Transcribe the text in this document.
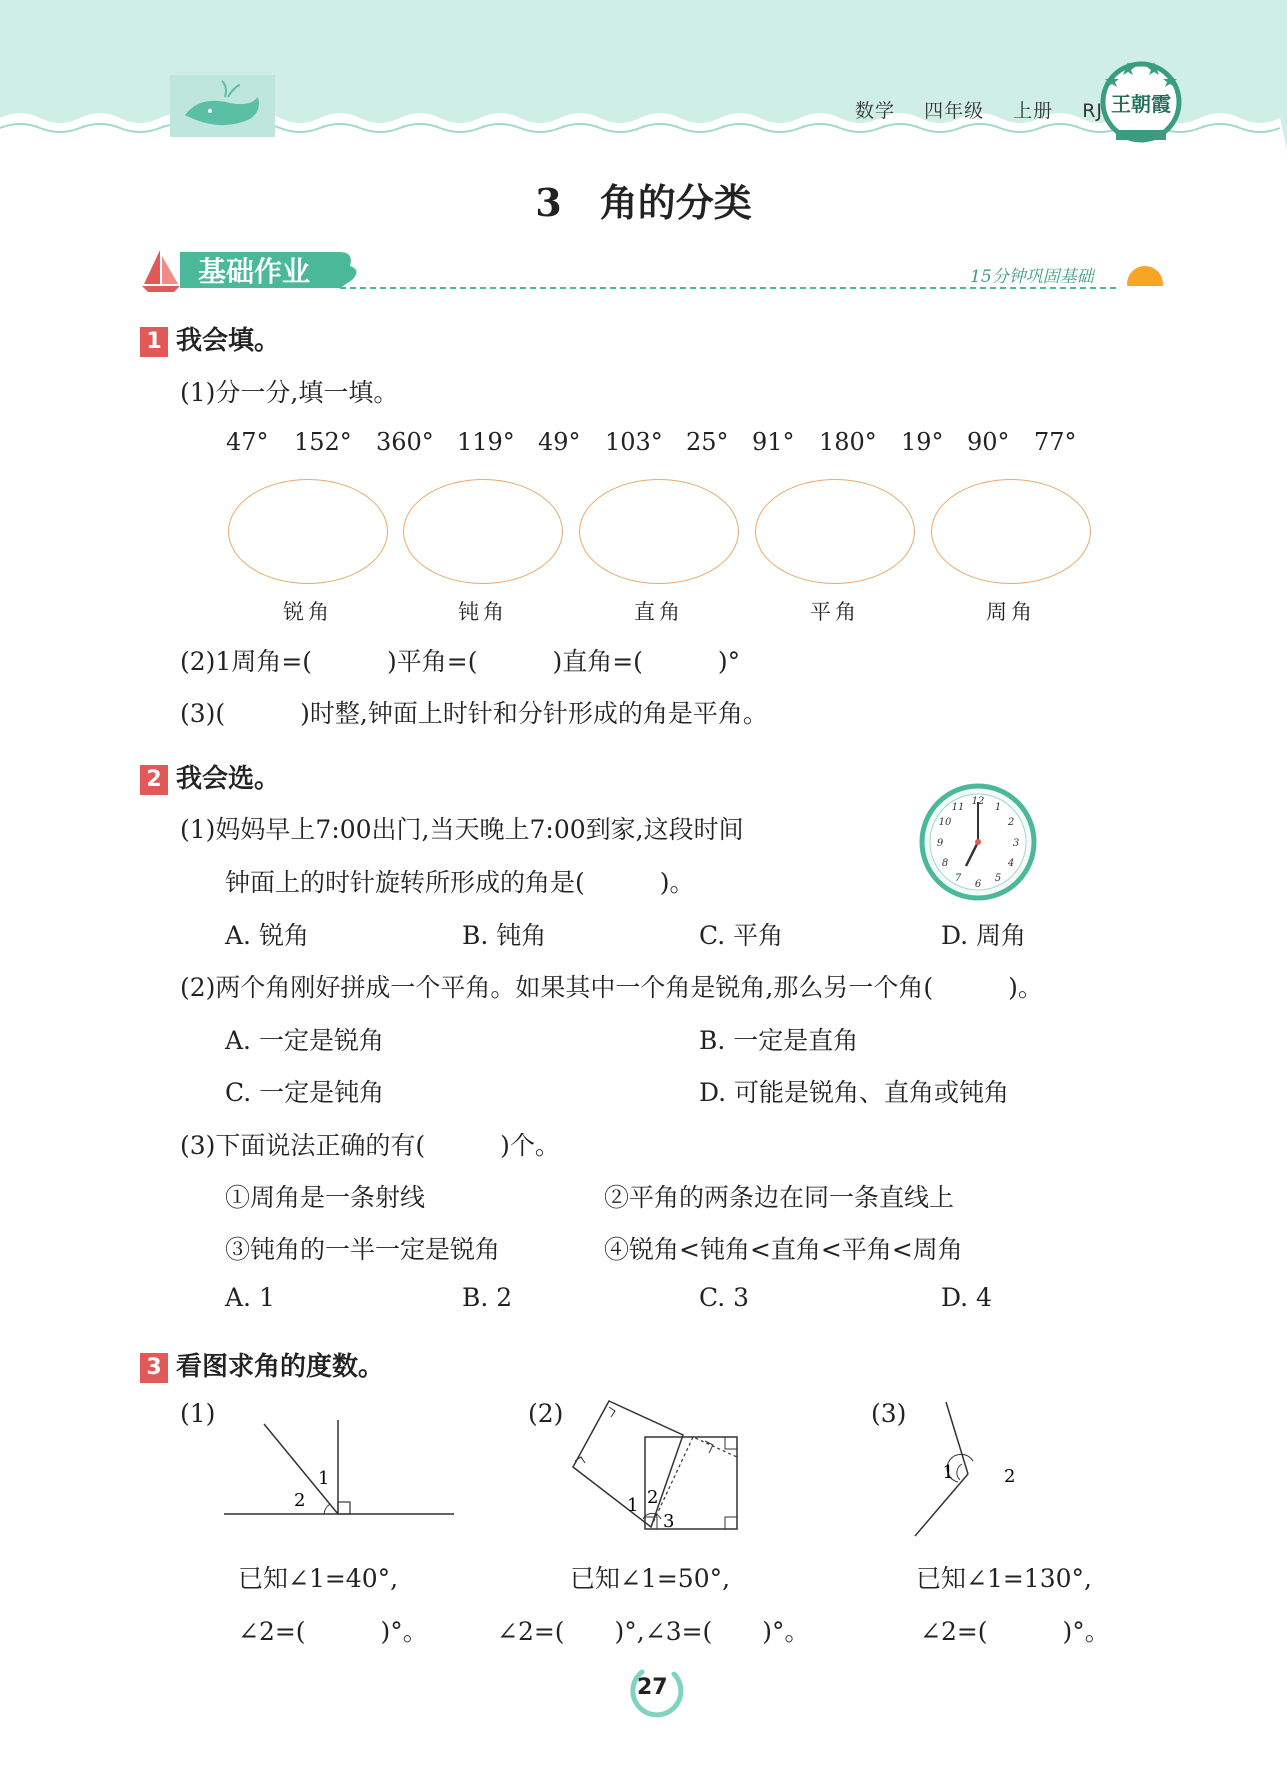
数学 四年级 上册 RJ 王朝霞
3　角的分类
基础作业	15分钟巩固基础
1 我会填。
(1)分一分,填一填。
47° 152° 360° 119° 49° 103° 25° 91° 180° 19° 90° 77°
锐角	钝角	直角	平角	周角
(2)1周角=(　　　)平角=(　　　)直角=(　　　)°
(3)(　　　)时整,钟面上时针和分针形成的角是平角。
2 我会选。
(1)妈妈早上7:00出门,当天晚上7:00到家,这段时间
钟面上的时针旋转所形成的角是(　　　)。
12
1
2
3
4
5
6
7
8
9
10
11
A. 锐角	B. 钝角	C. 平角	D. 周角
(2)两个角刚好拼成一个平角。如果其中一个角是锐角,那么另一个角(　　　)。
A. 一定是锐角	B. 一定是直角
C. 一定是钝角	D. 可能是锐角、直角或钝角
(3)下面说法正确的有(　　　)个。
①周角是一条射线	②平角的两条边在同一条直线上
③钝角的一半一定是锐角	④锐角<钝角<直角<平角<周角
A. 1	B. 2	C. 3	D. 4
3 看图求角的度数。
(1)
1
2
已知∠1=40°,
∠2=(　　　)°。
(2)
1 2
3
已知∠1=50°,
∠2=(　　)°,∠3=(　　)°。
(3)
1	2
已知∠1=130°,
∠2=(　　　)°。
27
